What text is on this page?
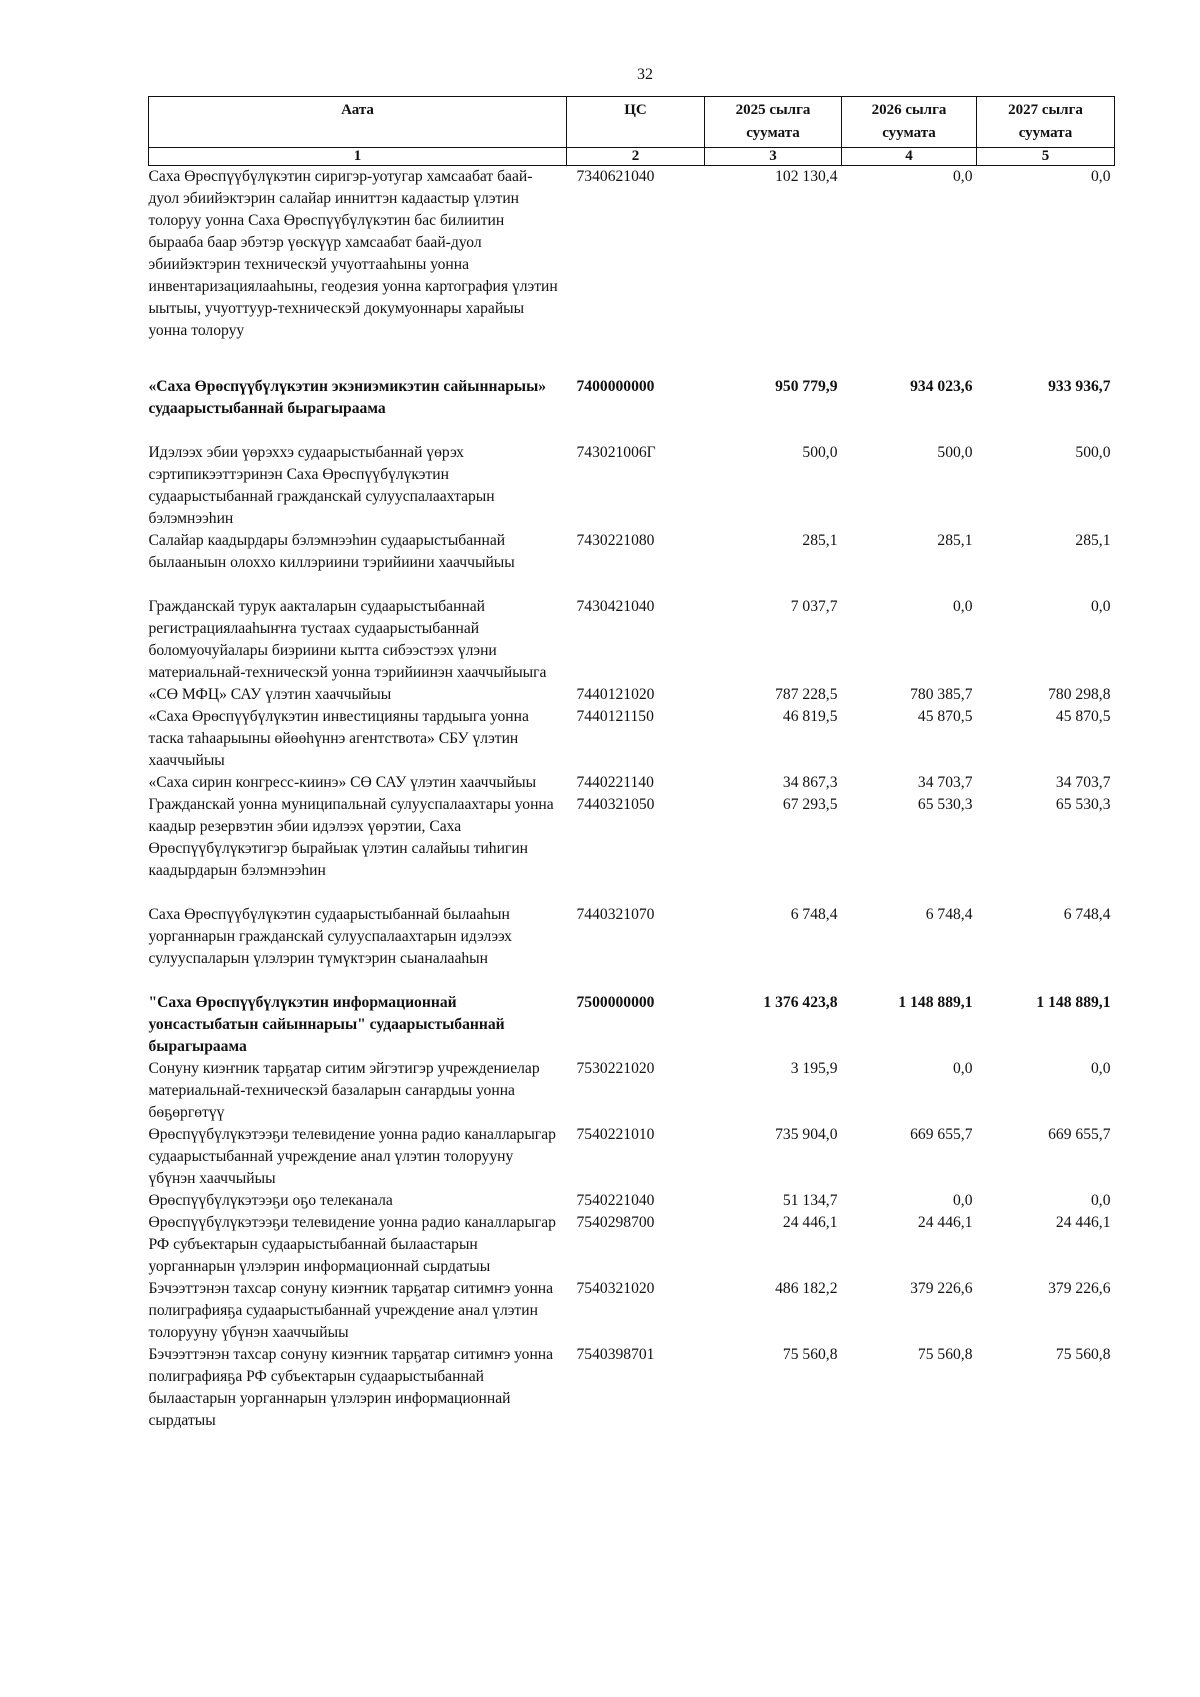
32
Аата	ЦС	2025 сылга суумата	2026 сылга суумата	2027 сылга суумата
1	2	3	4	5
Саха Өрөспүүбүлүкэтин сиригэр-уотугар хамсаабат баай-дуол эбиийэктэрин салайар инниттэн кадаастыр үлэтин толоруу уонна Саха Өрөспүүбүлүкэтин бас билиитин быраабa баар эбэтэр үөскүүр хамсаабат баай-дуол эбиийэктэрин техническэй учуоттааһыны уонна инвентаризациялааһыны, геодезия уонна картография үлэтин ыытыы, учуоттуур-техническэй докумуоннары харайыы уонна толоруу	7340621040	102 130,4	0,0	0,0
«Саха Өрөспүүбүлүкэтин экэниэмикэтин сайыннарыы» судаарыстыбаннай бырагыраама	7400000000	950 779,9	934 023,6	933 936,7
Идэлээх эбии үөрэххэ судаарыстыбаннай үөрэх сэртипикээттэринэн Саха Өрөспүүбүлүкэтин судаарыстыбаннай гражданскай сулууспалаахтарын бэлэмнээһин	743021006Г	500,0	500,0	500,0
Салайар каадырдары бэлэмнээһин судаарыстыбаннай былааныын олоххо киллэриини тэрийиини хааччыйыы	7430221080	285,1	285,1	285,1
Гражданскай турук аакталарын судаарыстыбаннай регистрациялааһыҥҥа тустаах судаарыстыбаннай боломуочуйалары биэриини кытта сибээстээх үлэни материальнай-техническэй уонна тэрийиинэн хааччыйыыга	7430421040	7 037,7	0,0	0,0
«СӨ МФЦ» САУ үлэтин хааччыйыы	7440121020	787 228,5	780 385,7	780 298,8
«Саха Өрөспүүбүлүкэтин инвестицияны тардыыга уонна таска таһаарыыны өйөөһүннэ агентствота» СБУ үлэтин хааччыйыы	7440121150	46 819,5	45 870,5	45 870,5
«Саха сирин конгресс-киинэ» СӨ САУ үлэтин хааччыйыы	7440221140	34 867,3	34 703,7	34 703,7
Гражданскай уонна муниципальнай сулууспалаахтары уонна каадыр резервэтин эбии идэлээх үөрэтии, Саха Өрөспүүбүлүкэтигэр бырайыак үлэтин салайыы тиһигин каадырдарын бэлэмнээһин	7440321050	67 293,5	65 530,3	65 530,3
Саха Өрөспүүбүлүкэтин судаарыстыбаннай былааһын уорганнарын гражданскай сулууспалаахтарын идэлээх сулууспаларын үлэлэрин түмүктэрин сыаналааһын	7440321070	6 748,4	6 748,4	6 748,4
"Саха Өрөспүүбүлүкэтин информационнай уонсастыбатын сайыннарыы" судаарыстыбаннай бырагыраама	7500000000	1 376 423,8	1 148 889,1	1 148 889,1
Сонуну киэҥник тарҕатар ситим эйгэтигэр учреждениелар материальнай-техническэй базаларын саҥардыы уонна бөҕөргөтүү	7530221020	3 195,9	0,0	0,0
Өрөспүүбүлүкэтээҕи телевидение уонна радио каналларыгар судаарыстыбаннай учреждение анал үлэтин толорууну үбүнэн хааччыйыы	7540221010	735 904,0	669 655,7	669 655,7
Өрөспүүбүлүкэтээҕи оҕо телеканала	7540221040	51 134,7	0,0	0,0
Өрөспүүбүлүкэтээҕи телевидение уонна радио каналларыгар РФ субъектарын судаарыстыбаннай былаастарын уорганнарын үлэлэрин информационнай сырдатыы	7540298700	24 446,1	24 446,1	24 446,1
Бэчээттэнэн тахсар сонуну киэҥник тарҕатар ситимҥэ уонна полиграфияҕа судаарыстыбаннай учреждение анал үлэтин толорууну үбүнэн хааччыйыы	7540321020	486 182,2	379 226,6	379 226,6
Бэчээттэнэн тахсар сонуну киэҥник тарҕатар ситимҥэ уонна полиграфияҕа РФ субъектарын судаарыстыбаннай былаастарын уорганнарын үлэлэрин информационнай сырдатыы	7540398701	75 560,8	75 560,8	75 560,8
